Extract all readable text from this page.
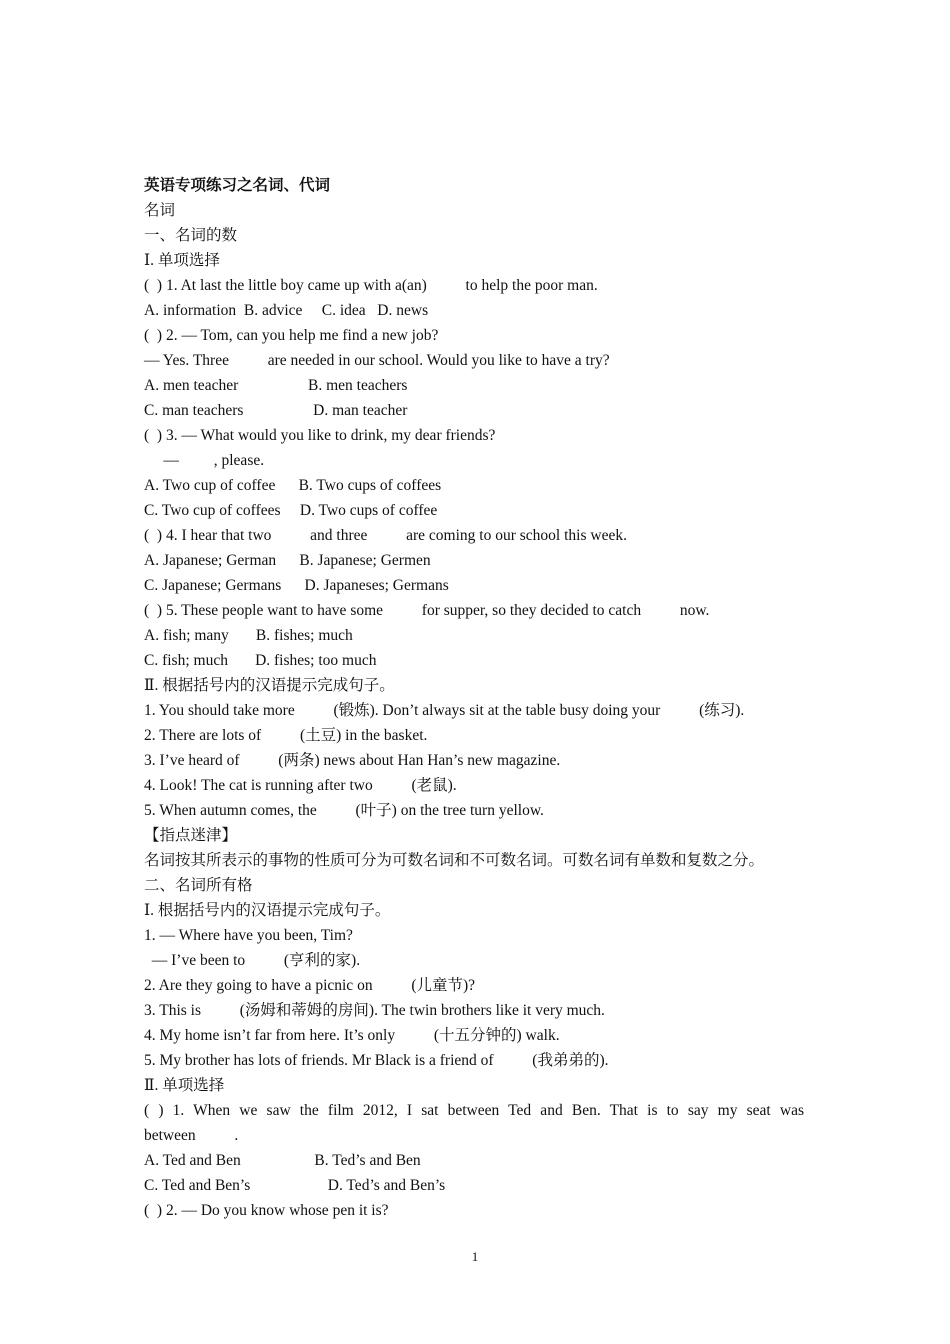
英语专项练习之名词、代词
名词
一、名词的数
Ⅰ. 单项选择
(  ) 1. At last the little boy came up with a(an)          to help the poor man.
A. information  B. advice     C. idea   D. news
(  ) 2. — Tom, can you help me find a new job?
— Yes. Three          are needed in our school. Would you like to have a try?
A. men teacher                  B. men teachers
C. man teachers                  D. man teacher
(  ) 3. — What would you like to drink, my dear friends?
—         , please.
A. Two cup of coffee      B. Two cups of coffees
C. Two cup of coffees     D. Two cups of coffee
(  ) 4. I hear that two          and three          are coming to our school this week.
A. Japanese; German      B. Japanese; Germen
C. Japanese; Germans      D. Japaneses; Germans
(  ) 5. These people want to have some          for supper, so they decided to catch          now.
A. fish; many       B. fishes; much
C. fish; much       D. fishes; too much
Ⅱ. 根据括号内的汉语提示完成句子。
1. You should take more          (锻炼). Don’t always sit at the table busy doing your          (练习).
2. There are lots of          (土豆) in the basket.
3. I’ve heard of          (两条) news about Han Han’s new magazine.
4. Look! The cat is running after two          (老鼠).
5. When autumn comes, the          (叶子) on the tree turn yellow.
【指点迷津】
名词按其所表示的事物的性质可分为可数名词和不可数名词。可数名词有单数和复数之分。
二、名词所有格
Ⅰ. 根据括号内的汉语提示完成句子。
1. — Where have you been, Tim?
— I’ve been to          (亨利的家).
2. Are they going to have a picnic on          (儿童节)?
3. This is          (汤姆和蒂姆的房间). The twin brothers like it very much.
4. My home isn’t far from here. It’s only          (十五分钟的) walk.
5. My brother has lots of friends. Mr Black is a friend of          (我弟弟的).
Ⅱ. 单项选择
( ) 1. When we saw the film 2012, I sat between Ted and Ben. That is to say my seat was
between          .
A. Ted and Ben                   B. Ted’s and Ben
C. Ted and Ben’s                    D. Ted’s and Ben’s
(  ) 2. — Do you know whose pen it is?
1
